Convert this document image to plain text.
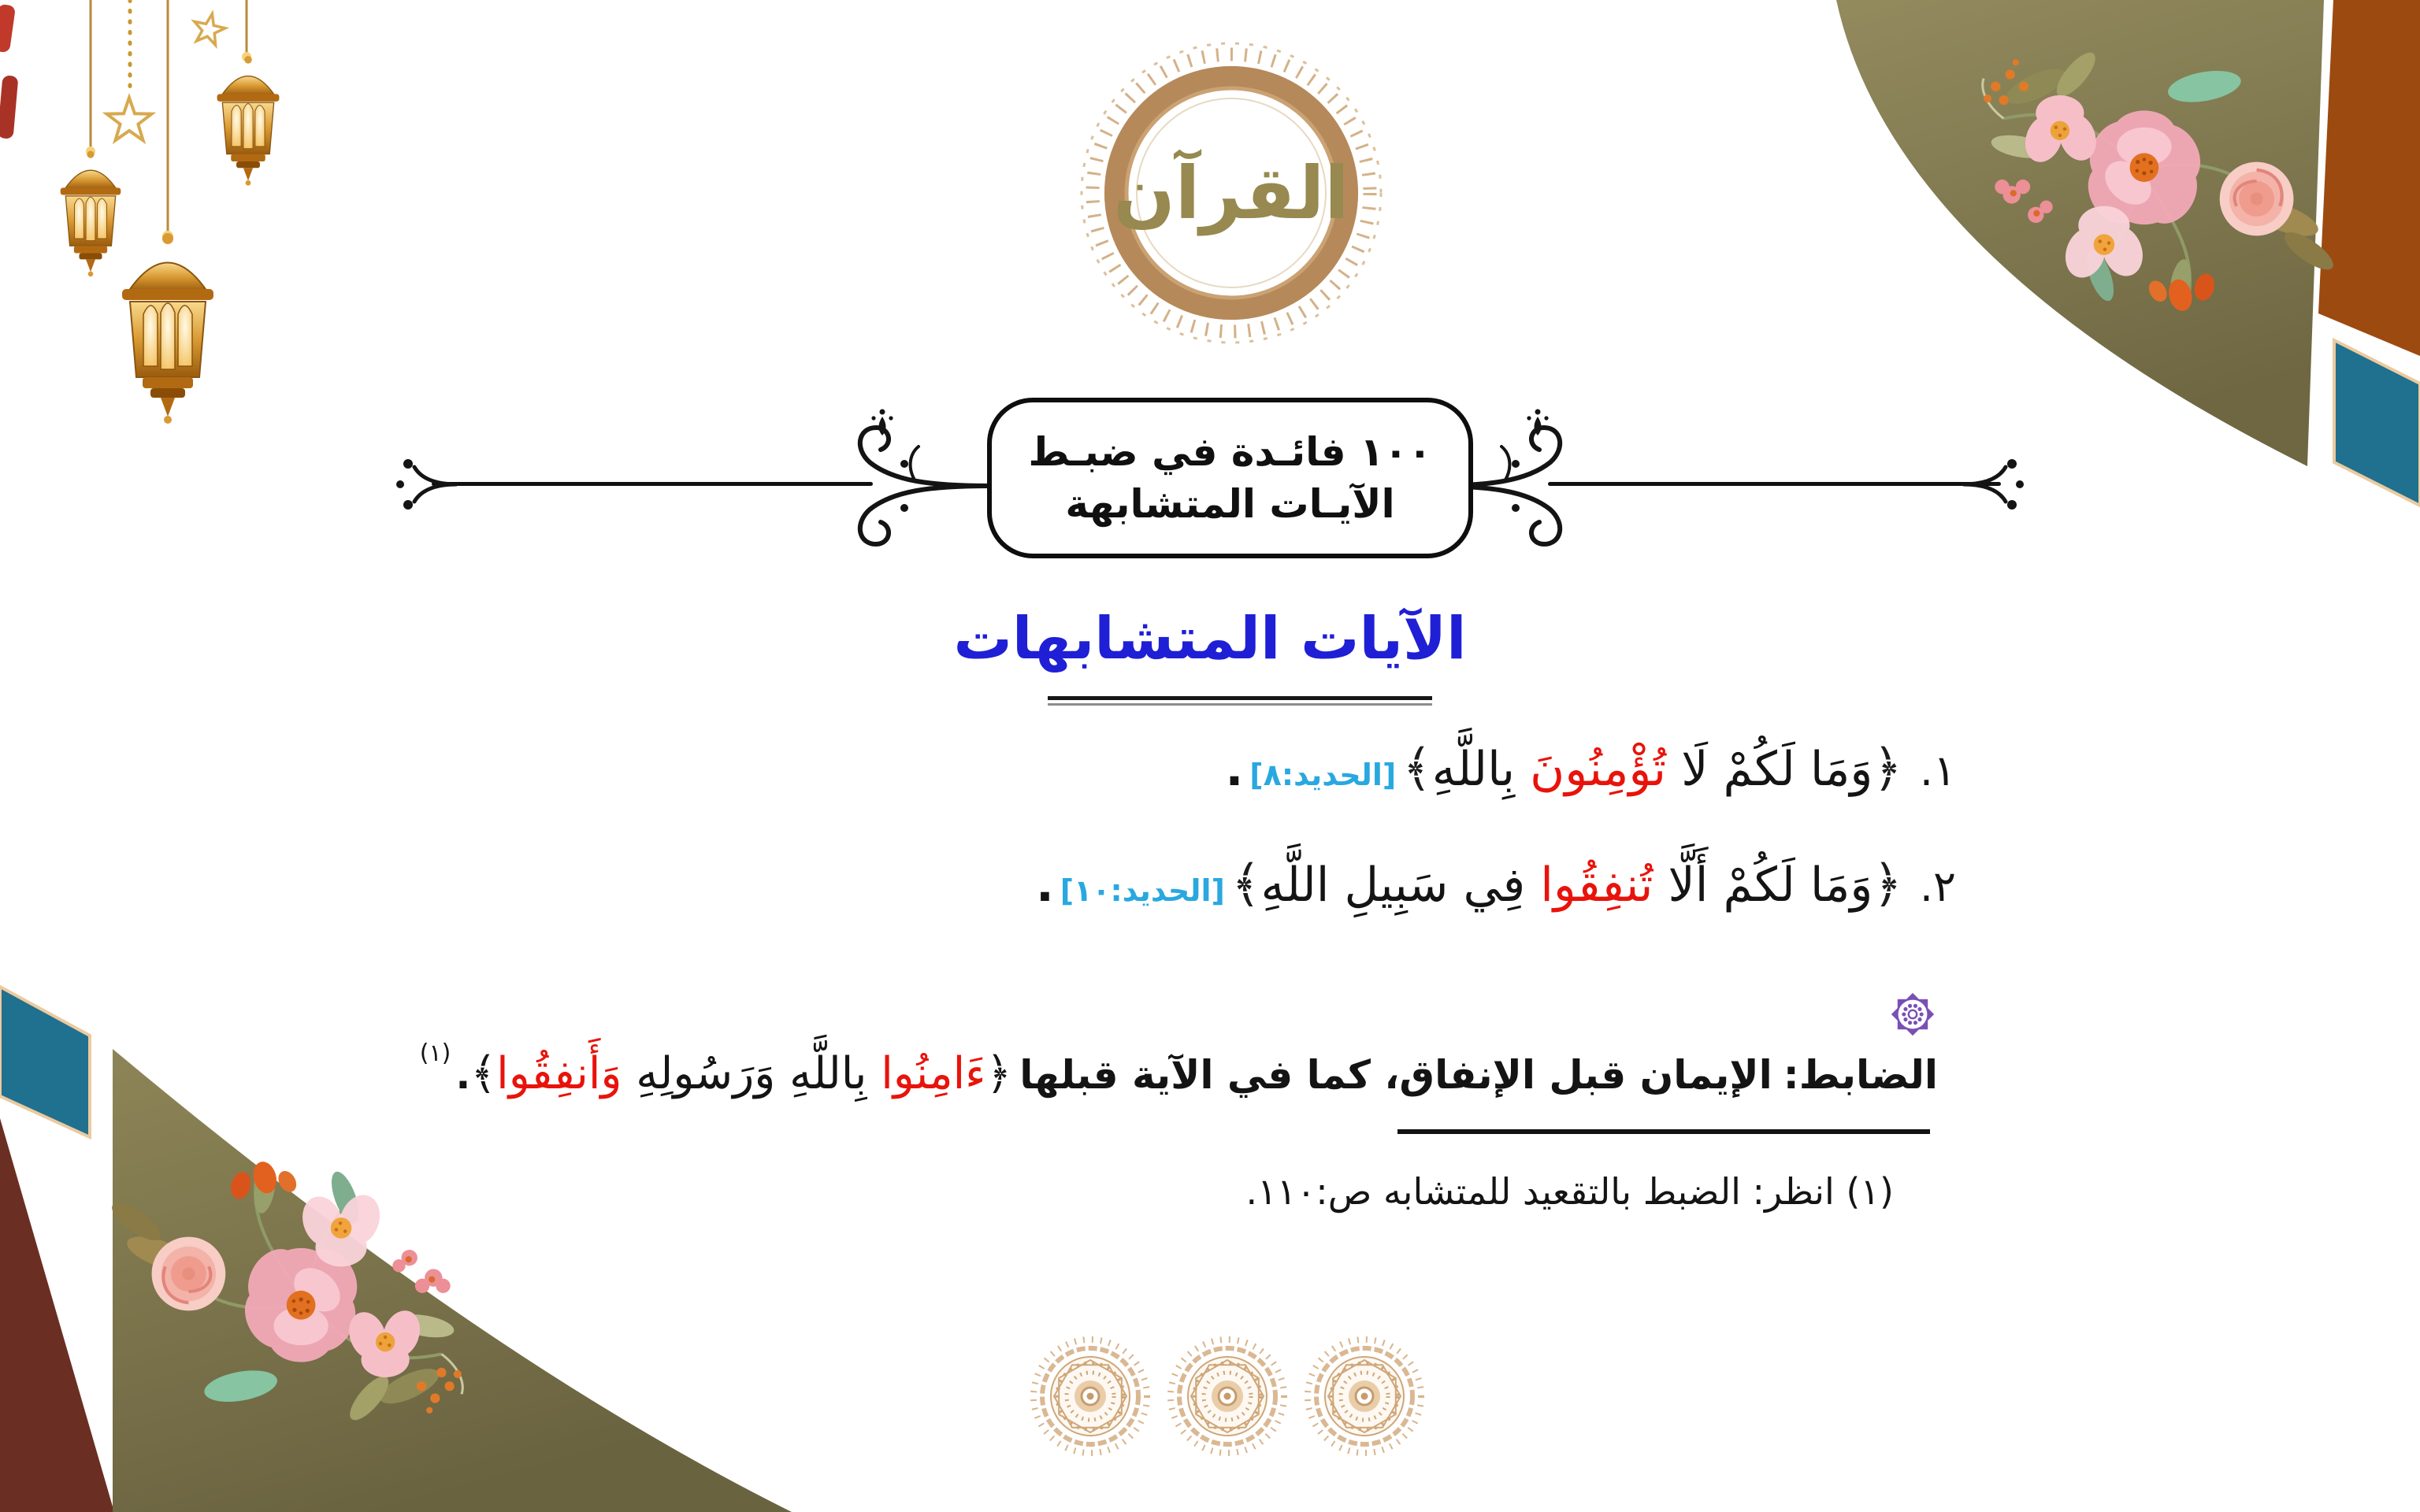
القرآن
١٠٠ فائـدة في ضبـط
الآيـات المتشابهة
الآيات المتشابهات
١.﴿وَمَا لَكُمْ لَا تُؤْمِنُونَ بِاللَّهِ﴾[الحديد:٨].
٢.﴿وَمَا لَكُمْ أَلَّا تُنفِقُوا فِي سَبِيلِ اللَّهِ﴾[الحديد:١٠].
الضابط:الإيمان قبل الإنفاق، كما في الآية قبلها﴿ءَامِنُوا بِاللَّهِ وَرَسُولِهِ وَأَنفِقُوا﴾.$^{(١)}$
(١) انظر: الضبط بالتقعيد للمتشابه ص:١١٠.
